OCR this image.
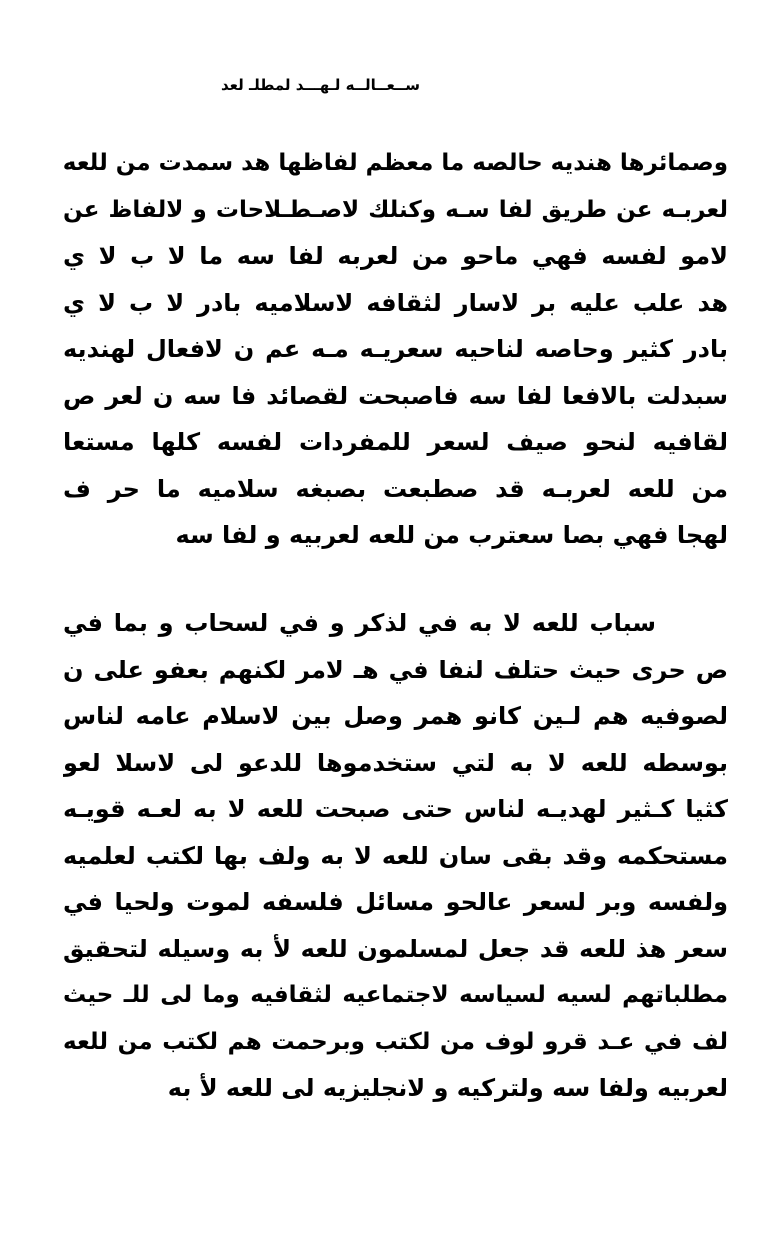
ســعــالــه لـهـــد لمطلـ لعد
وصمائرها هنديه حالصه ما معظم لفاظها هد سمدت من للعه
لعربـه عن طريق لفا سـه وكنلك لاصـطـلاحات و لالفاظ عن
لامو لفسه فهي ماحو من لعربه لفا سه ما لا ب لا ي
هد علب عليه بر لاسار لثقافه لاسلاميه بادر لا ب لا ي
بادر كثير وحاصه لناحيه سعريـه مـه عم ن لافعال لهنديه
سبدلت بالافعا لفا سه فاصبحت لقصائد فا سه ن لعر ص
لقافيه لنحو صيف لسعر للمفردات لفسه كلها مستعا
من للعه لعربـه قد صطبعت بصبغه سلاميه ما حر ف
لهجا فهي بصا سعترب من للعه لعربيه و لفا سه
سباب للعه لا به في لذكر و في لسحاب و بما في
ص حرى حيث حتلف لنفا في هـ لامر لكنهم بعفو على ن
لصوفيه هم لـين كانو همر وصل بين لاسلام عامه لناس
بوسطه للعه لا به لتي ستخدموها للدعو لى لاسلا لعو
كثيا كـثير لهديـه لناس حتى صبحت للعه لا به لعـه قويـه
مستحكمه وقد بقى سان للعه لا به ولف بها لكتب لعلميه
ولفسه وبر لسعر عالحو مسائل فلسفه لموت ولحيا في
سعر هذ للعه قد جعل لمسلمون للعه لأ به وسيله لتحقيق
مطلباتهم لسيه لسياسه لاجتماعيه لثقافيه وما لى للـ حيث
لف في عـد قرو لوف من لكتب وبرحمت هم لكتب من للعه
لعربيه ولفا سه ولتركيه و لانجليزيه لى للعه لأ به
